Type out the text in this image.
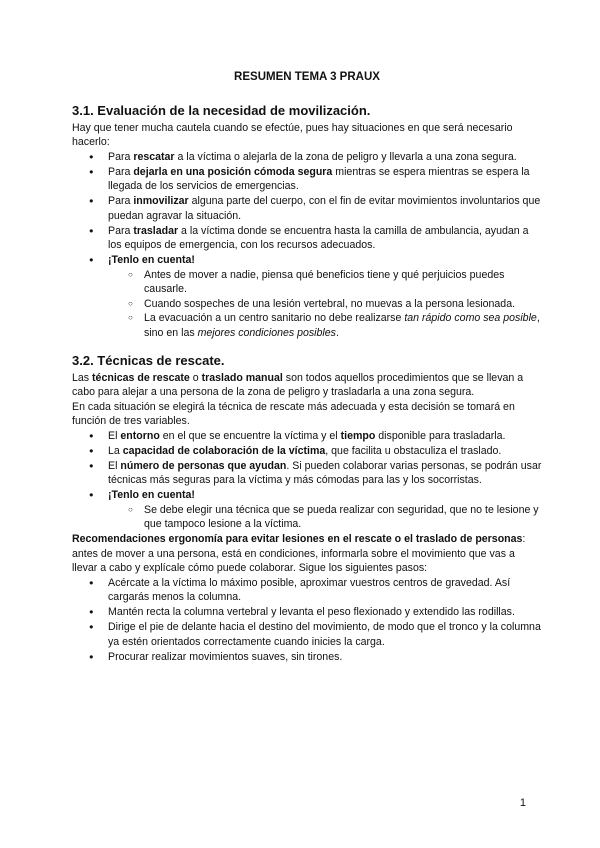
RESUMEN TEMA 3 PRAUX

3.1. Evaluación de la necesidad de movilización.

Hay que tener mucha cautela cuando se efectúe, pues hay situaciones en que será necesario hacerlo:

● Para rescatar a la víctima o alejarla de la zona de peligro y llevarla a una zona segura.
● Para dejarla en una posición cómoda segura mientras se espera mientras se espera la llegada de los servicios de emergencias.
● Para inmovilizar alguna parte del cuerpo, con el fin de evitar movimientos involuntarios que puedan agravar la situación.
● Para trasladar a la víctima donde se encuentra hasta la camilla de ambulancia, ayudan a los equipos de emergencia, con los recursos adecuados.
● ¡Tenlo en cuenta!
○ Antes de mover a nadie, piensa qué beneficios tiene y qué perjuicios puedes causarle.
○ Cuando sospeches de una lesión vertebral, no muevas a la persona lesionada.
○ La evacuación a un centro sanitario no debe realizarse tan rápido como sea posible, sino en las mejores condiciones posibles.
3.2. Técnicas de rescate.

Las técnicas de rescate o traslado manual son todos aquellos procedimientos que se llevan a cabo para alejar a una persona de la zona de peligro y trasladarla a una zona segura.

En cada situación se elegirá la técnica de rescate más adecuada y esta decisión se tomará en función de tres variables.

● El entorno en el que se encuentre la víctima y el tiempo disponible para trasladarla.
● La capacidad de colaboración de la víctima, que facilita u obstaculiza el traslado.
● El número de personas que ayudan. Si pueden colaborar varias personas, se podrán usar técnicas más seguras para la víctima y más cómodas para las y los socorristas.
● ¡Tenlo en cuenta!
○ Se debe elegir una técnica que se pueda realizar con seguridad, que no te lesione y que tampoco lesione a la víctima.

Recomendaciones ergonomía para evitar lesiones en el rescate o el traslado de personas: antes de mover a una persona, está en condiciones, informarla sobre el movimiento que vas a llevar a cabo y explícale cómo puede colaborar. Sigue los siguientes pasos:

● Acércate a la víctima lo máximo posible, aproximar vuestros centros de gravedad. Así cargarás menos la columna.
● Mantén recta la columna vertebral y levanta el peso flexionado y extendido las rodillas.
● Dirige el pie de delante hacia el destino del movimiento, de modo que el tronco y la columna ya estén orientados correctamente cuando inicies la carga.
● Procurar realizar movimientos suaves, sin tirones.
1
